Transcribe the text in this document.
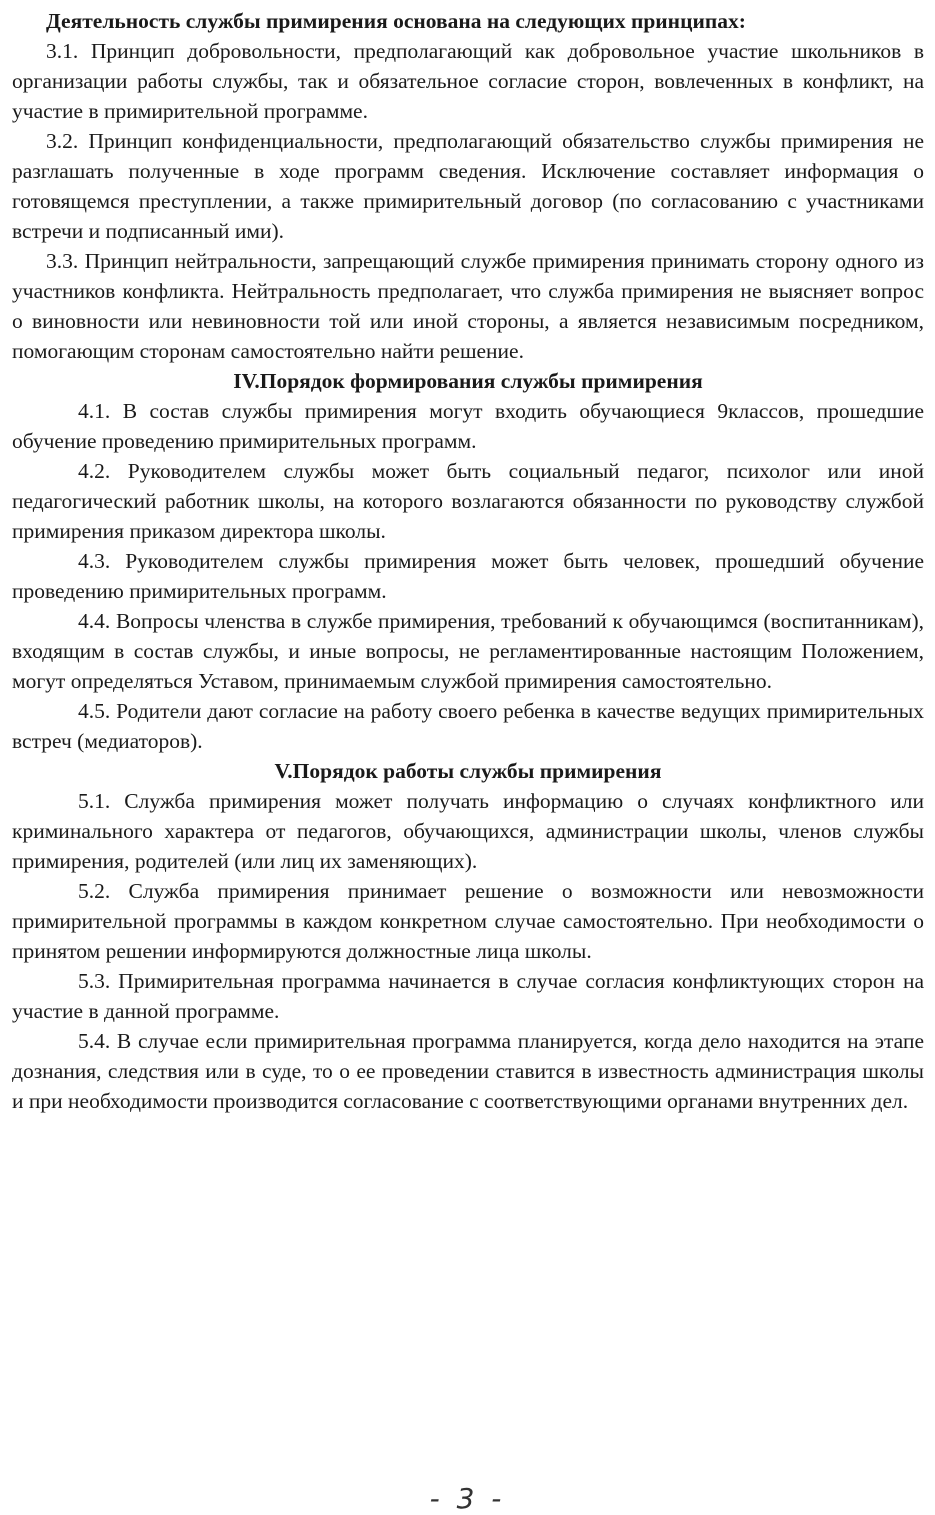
Деятельность службы примирения основана на следующих принципах:

3.1. Принцип добровольности, предполагающий как добровольное участие школьников в организации работы службы, так и обязательное согласие сторон, вовлеченных в конфликт, на участие в примирительной программе.

3.2. Принцип конфиденциальности, предполагающий обязательство службы примирения не разглашать полученные в ходе программ сведения. Исключение составляет информация о готовящемся преступлении, а также примирительный договор (по согласованию с участниками встречи и подписанный ими).

3.3. Принцип нейтральности, запрещающий службе примирения принимать сторону одного из участников конфликта. Нейтральность предполагает, что служба примирения не выясняет вопрос о виновности или невиновности той или иной стороны, а является независимым посредником, помогающим сторонам самостоятельно найти решение.

IV.Порядок формирования службы примирения

4.1. В состав службы примирения могут входить обучающиеся 9классов, прошедшие обучение проведению примирительных программ.

4.2. Руководителем службы может быть социальный педагог, психолог или иной педагогический работник школы, на которого возлагаются обязанности по руководству службой примирения приказом директора школы.

4.3. Руководителем службы примирения может быть человек, прошедший обучение проведению примирительных программ.

4.4. Вопросы членства в службе примирения, требований к обучающимся (воспитанникам), входящим в состав службы, и иные вопросы, не регламентированные настоящим Положением, могут определяться Уставом, принимаемым службой примирения самостоятельно.

4.5. Родители дают согласие на работу своего ребенка в качестве ведущих примирительных встреч (медиаторов).

V.Порядок работы службы примирения

5.1. Служба примирения может получать информацию о случаях конфликтного или криминального характера от педагогов, обучающихся, администрации школы, членов службы примирения, родителей (или лиц их заменяющих).

5.2. Служба примирения принимает решение о возможности или невозможности примирительной программы в каждом конкретном случае самостоятельно. При необходимости о принятом решении информируются должностные лица школы.

5.3. Примирительная программа начинается в случае согласия конфликтующих сторон на участие в данной программе.

5.4. В случае если примирительная программа планируется, когда дело находится на этапе дознания, следствия или в суде, то о ее проведении ставится в известность администрация школы и при необходимости производится согласование с соответствующими органами внутренних дел.

- 3 -
